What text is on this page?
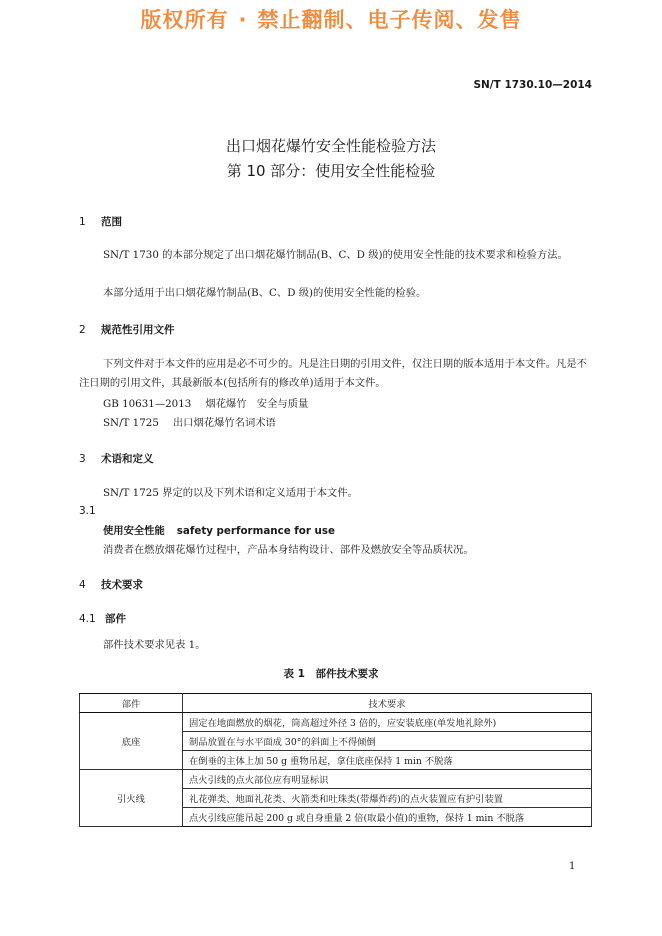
版权所有 · 禁止翻制、电子传阅、发售
SN/T 1730.10—2014
出口烟花爆竹安全性能检验方法
第 10 部分：使用安全性能检验
1 范围
SN/T 1730 的本部分规定了出口烟花爆竹制品(B、C、D 级)的使用安全性能的技术要求和检验方法。
本部分适用于出口烟花爆竹制品(B、C、D 级)的使用安全性能的检验。
2 规范性引用文件
下列文件对于本文件的应用是必不可少的。凡是注日期的引用文件，仅注日期的版本适用于本文件。凡是不注日期的引用文件，其最新版本(包括所有的修改单)适用于本文件。
GB 10631—2013 烟花爆竹　安全与质量
SN/T 1725 出口烟花爆竹名词术语
3 术语和定义
SN/T 1725 界定的以及下列术语和定义适用于本文件。
3.1
使用安全性能 safety performance for use
消费者在燃放烟花爆竹过程中，产品本身结构设计、部件及燃放安全等品质状况。
4 技术要求
4.1 部件
部件技术要求见表 1。
表 1　部件技术要求
部件	技术要求
底座	固定在地面燃放的烟花，筒高超过外径 3 倍的，应安装底座(单发地礼除外)
	制品放置在与水平面成 30°的斜面上不得倾倒
	在倒垂的主体上加 50 g 重物吊起，拿住底座保持 1 min 不脱落
引火线	点火引线的点火部位应有明显标识
	礼花弹类、地面礼花类、火箭类和吐珠类(带爆炸药)的点火装置应有护引装置
	点火引线应能吊起 200 g 或自身重量 2 倍(取最小值)的重物，保持 1 min 不脱落
1
